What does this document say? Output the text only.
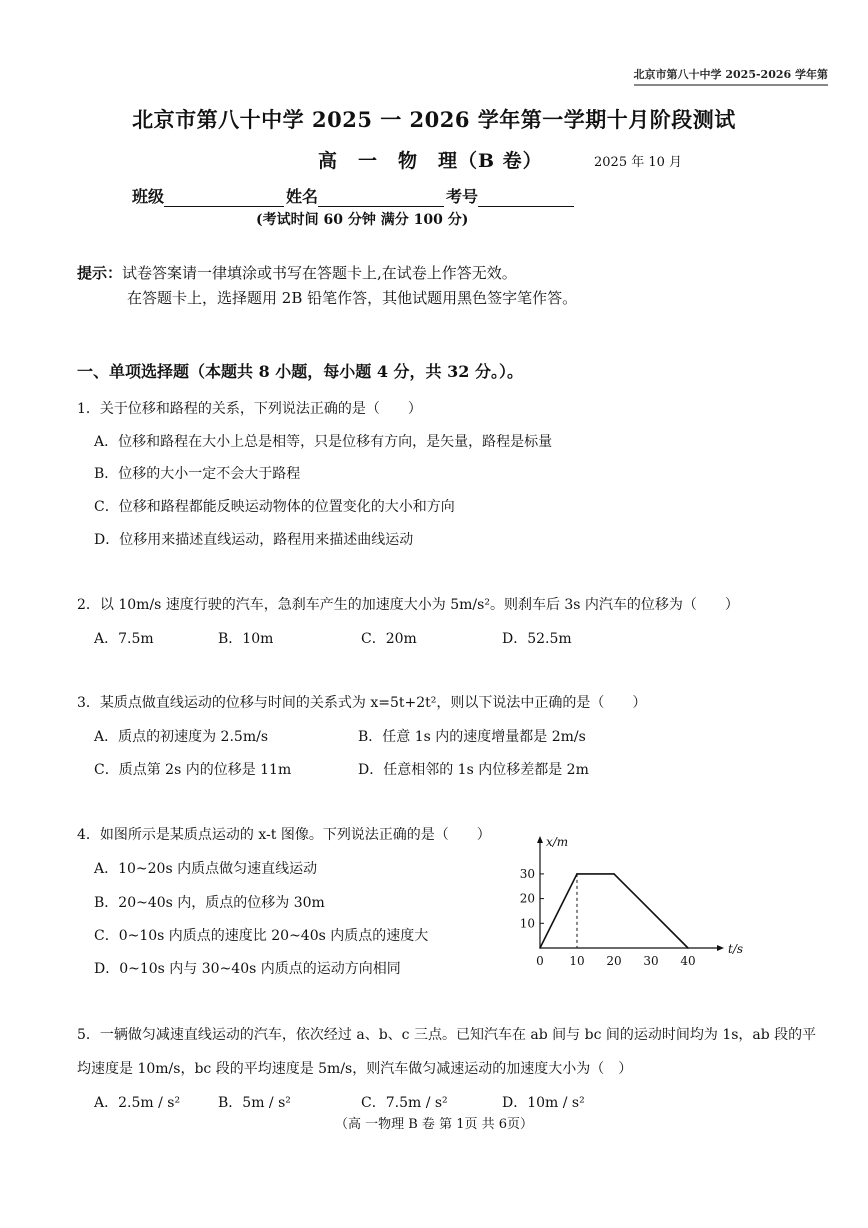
北京市第八十中学 2025-2026 学年第
北京市第八十中学 2025 一 2026 学年第一学期十月阶段测试
高　一　物　理（B 卷）	2025 年 10 月
班级	姓名	考号
(考试时间 60 分钟 满分 100 分)
提示：试卷答案请一律填涂或书写在答题卡上,在试卷上作答无效。
在答题卡上，选择题用 2B 铅笔作答，其他试题用黑色签字笔作答。
一、单项选择题（本题共 8 小题，每小题 4 分，共 32 分。）。
1．关于位移和路程的关系，下列说法正确的是（　　）
A．位移和路程在大小上总是相等，只是位移有方向，是矢量，路程是标量
B．位移的大小一定不会大于路程
C．位移和路程都能反映运动物体的位置变化的大小和方向
D．位移用来描述直线运动，路程用来描述曲线运动
2．以 10m/s 速度行驶的汽车，急刹车产生的加速度大小为 5m/s²。则刹车后 3s 内汽车的位移为（　　）
A．7.5m	B．10m	C．20m	D．52.5m
3．某质点做直线运动的位移与时间的关系式为 x=5t+2t²，则以下说法中正确的是（　　）
A．质点的初速度为 2.5m/s	B．任意 1s 内的速度增量都是 2m/s
C．质点第 2s 内的位移是 11m	D．任意相邻的 1s 内位移差都是 2m
4．如图所示是某质点运动的 x-t 图像。下列说法正确的是（　　）
A．10~20s 内质点做匀速直线运动
B．20~40s 内，质点的位移为 30m
C．0~10s 内质点的速度比 20~40s 内质点的速度大
D．0~10s 内与 30~40s 内质点的运动方向相同
t/s
x/m
0 10 20 30 40
10
20
30
5．一辆做匀减速直线运动的汽车，依次经过 a、b、c 三点。已知汽车在 ab 间与 bc 间的运动时间均为 1s，ab 段的平
均速度是 10m/s，bc 段的平均速度是 5m/s，则汽车做匀减速运动的加速度大小为（　）
A．2.5m / s²	B．5m / s²	C．7.5m / s²	D．10m / s²
（高 一物理 B 卷 第 1页 共 6页）
